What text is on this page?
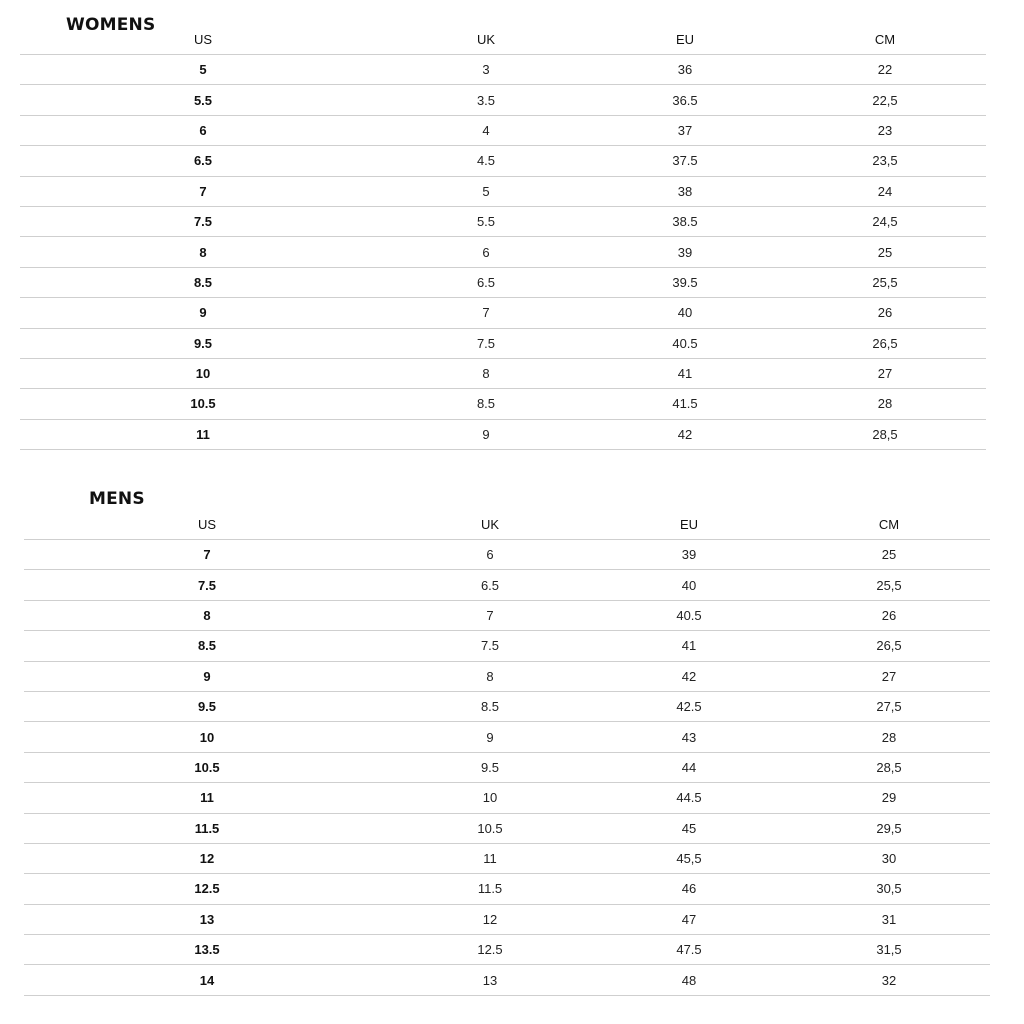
WOMENS
US	UK	EU	CM
5	3	36	22
5.5	3.5	36.5	22,5
6	4	37	23
6.5	4.5	37.5	23,5
7	5	38	24
7.5	5.5	38.5	24,5
8	6	39	25
8.5	6.5	39.5	25,5
9	7	40	26
9.5	7.5	40.5	26,5
10	8	41	27
10.5	8.5	41.5	28
11	9	42	28,5
MENS
US	UK	EU	CM
7	6	39	25
7.5	6.5	40	25,5
8	7	40.5	26
8.5	7.5	41	26,5
9	8	42	27
9.5	8.5	42.5	27,5
10	9	43	28
10.5	9.5	44	28,5
11	10	44.5	29
11.5	10.5	45	29,5
12	11	45,5	30
12.5	11.5	46	30,5
13	12	47	31
13.5	12.5	47.5	31,5
14	13	48	32
